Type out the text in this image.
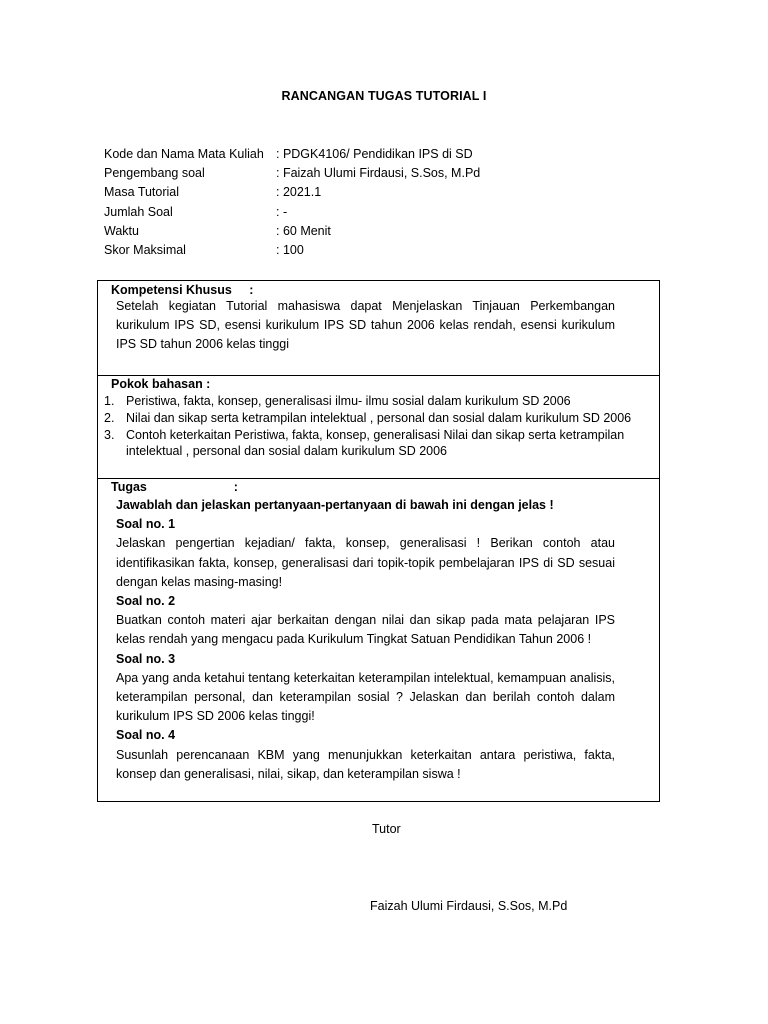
RANCANGAN TUGAS TUTORIAL I
Kode dan Nama Mata Kuliah : PDGK4106/ Pendidikan IPS di SD
Pengembang soal	: Faizah Ulumi Firdausi, S.Sos, M.Pd
Masa Tutorial	: 2021.1
Jumlah Soal	: -
Waktu	: 60 Menit
Skor Maksimal	: 100
Kompetensi Khusus     :

Setelah kegiatan Tutorial mahasiswa dapat Menjelaskan Tinjauan Perkembangan kurikulum IPS SD, esensi kurikulum IPS SD tahun 2006 kelas rendah, esensi kurikulum IPS SD tahun 2006 kelas tinggi

Pokok bahasan :
1. Peristiwa, fakta, konsep, generalisasi ilmu- ilmu sosial dalam kurikulum SD 2006
2. Nilai dan sikap serta ketrampilan intelektual , personal dan sosial dalam kurikulum SD 2006
3. Contoh keterkaitan Peristiwa, fakta, konsep, generalisasi Nilai dan sikap serta ketrampilan intelektual , personal dan sosial dalam kurikulum SD 2006
Tugas                         :
Jawablah dan jelaskan pertanyaan-pertanyaan di bawah ini dengan jelas !
Soal no. 1

Jelaskan pengertian kejadian/ fakta, konsep, generalisasi ! Berikan contoh atau identifikasikan fakta, konsep, generalisasi dari topik-topik pembelajaran IPS di SD sesuai dengan kelas masing-masing!

Soal no. 2

Buatkan contoh materi ajar berkaitan dengan nilai dan sikap pada mata pelajaran IPS kelas rendah yang mengacu pada Kurikulum Tingkat Satuan Pendidikan Tahun 2006 !

Soal no. 3

Apa yang anda ketahui tentang keterkaitan keterampilan intelektual, kemampuan analisis, keterampilan personal, dan keterampilan sosial ? Jelaskan dan berilah contoh dalam kurikulum IPS SD 2006 kelas tinggi!

Soal no. 4

Susunlah perencanaan KBM yang menunjukkan keterkaitan antara peristiwa, fakta, konsep dan generalisasi, nilai, sikap, dan keterampilan siswa !

Tutor
Faizah Ulumi Firdausi, S.Sos, M.Pd
